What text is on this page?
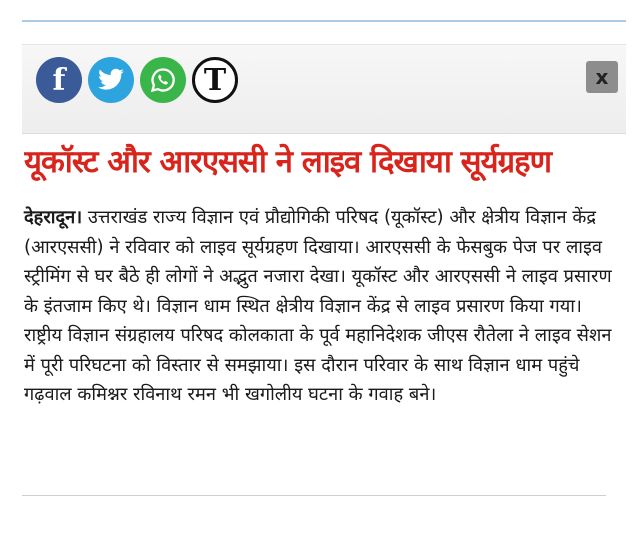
f	T	x
यूकॉस्ट और आरएससी ने लाइव दिखाया सूर्यग्रहण
देहरादून। उत्तराखंड राज्य विज्ञान एवं प्रौद्योगिकी परिषद (यूकॉस्ट) और क्षेत्रीय विज्ञान केंद्र (आरएससी) ने रविवार को लाइव सूर्यग्रहण दिखाया। आरएससी के फेसबुक पेज पर लाइव स्ट्रीमिंग से घर बैठे ही लोगों ने अद्भुत नजारा देखा। यूकॉस्ट और आरएससी ने लाइव प्रसारण के इंतजाम किए थे। विज्ञान धाम स्थित क्षेत्रीय विज्ञान केंद्र से लाइव प्रसारण किया गया। राष्ट्रीय विज्ञान संग्रहालय परिषद कोलकाता के पूर्व महानिदेशक जीएस रौतेला ने लाइव सेशन में पूरी परिघटना को विस्तार से समझाया। इस दौरान परिवार के साथ विज्ञान धाम पहुंचे गढ़वाल कमिश्नर रविनाथ रमन भी खगोलीय घटना के गवाह बने।
